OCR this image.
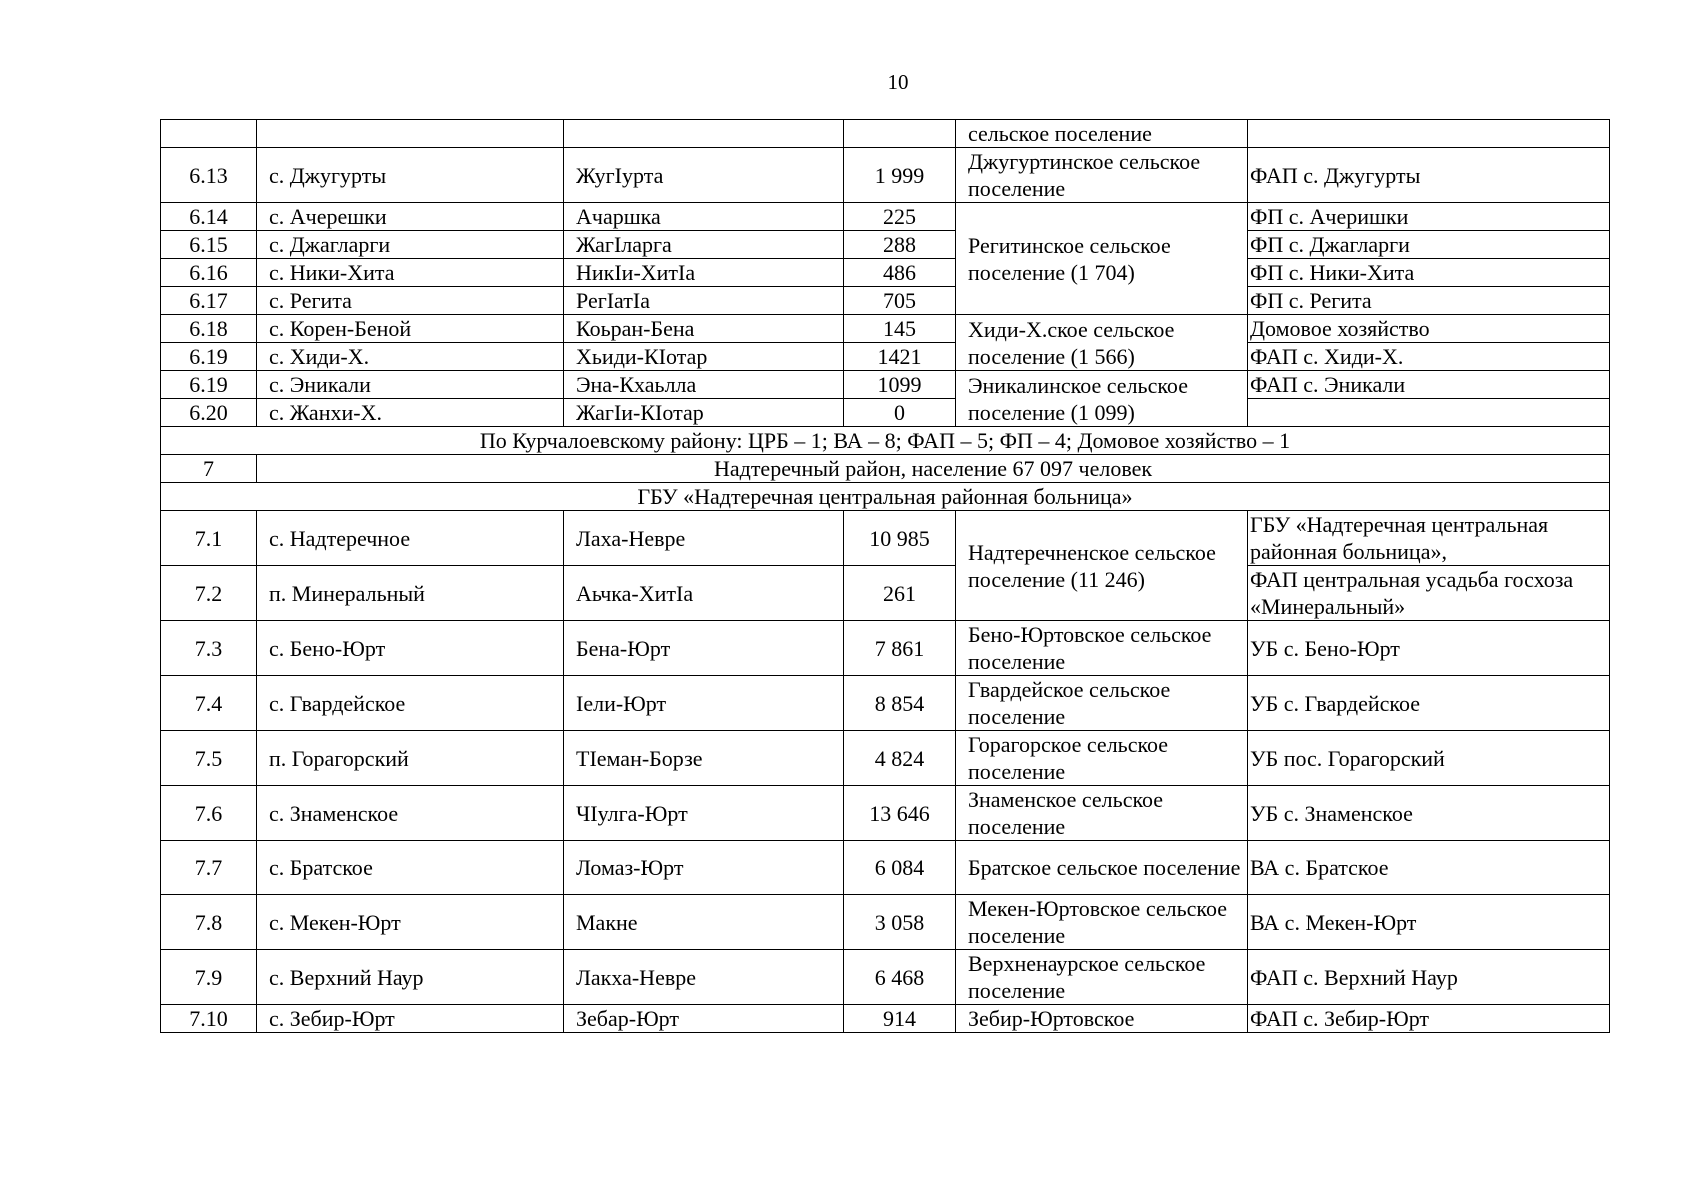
10
				сельское поселение	
6.13	с. Джугурты	ЖугIурта	1 999	Джугуртинское сельское поселение	ФАП с. Джугурты
6.14	с. Ачерешки	Ачаршка	225	Регитинское сельское поселение (1 704)	ФП с. Ачеришки
6.15	с. Джагларги	ЖагIларга	288		ФП с. Джагларги
6.16	с. Ники-Хита	НикIи-ХитIа	486		ФП с. Ники-Хита
6.17	с. Регита	РегIатIа	705		ФП с. Регита
6.18	с. Корен-Беной	Коьран-Бена	145	Хиди-Х.ское сельское поселение (1 566)	Домовое хозяйство
6.19	с. Хиди-Х.	Хьиди-КIотар	1421		ФАП с. Хиди-Х.
6.19	с. Эникали	Эна-Кхаьлла	1099	Эникалинское сельское поселение (1 099)	ФАП с. Эникали
6.20	с. Жанхи-Х.	ЖагIи-КIотар	0		
По Курчалоевскому району: ЦРБ – 1; ВА – 8; ФАП – 5; ФП – 4; Домовое хозяйство – 1					
7	Надтеречный район, население 67 097 человек				
ГБУ «Надтеречная центральная районная больница»					
7.1	с. Надтеречное	Лаха-Невре	10 985	Надтеречненское сельское поселение (11 246)	ГБУ «Надтеречная центральная районная больница»,
7.2	п. Минеральный	Аьчка-ХитIа	261		ФАП центральная усадьба госхоза «Минеральный»
7.3	с. Бено-Юрт	Бена-Юрт	7 861	Бено-Юртовское сельское поселение	УБ с. Бено-Юрт
7.4	с. Гвардейское	Iели-Юрт	8 854	Гвардейское сельское поселение	УБ с. Гвардейское
7.5	п. Горагорский	ТIеман-Борзе	4 824	Горагорское сельское поселение	УБ пос. Горагорский
7.6	с. Знаменское	ЧIулга-Юрт	13 646	Знаменское сельское поселение	УБ с. Знаменское
7.7	с. Братское	Ломаз-Юрт	6 084	Братское сельское поселение	ВА с. Братское
7.8	с. Мекен-Юрт	Макне	3 058	Мекен-Юртовское сельское поселение	ВА с. Мекен-Юрт
7.9	с. Верхний Наур	Лакха-Невре	6 468	Верхненаурское сельское поселение	ФАП с. Верхний Наур
7.10	с. Зебир-Юрт	Зебар-Юрт	914	Зебир-Юртовское	ФАП с. Зебир-Юрт
